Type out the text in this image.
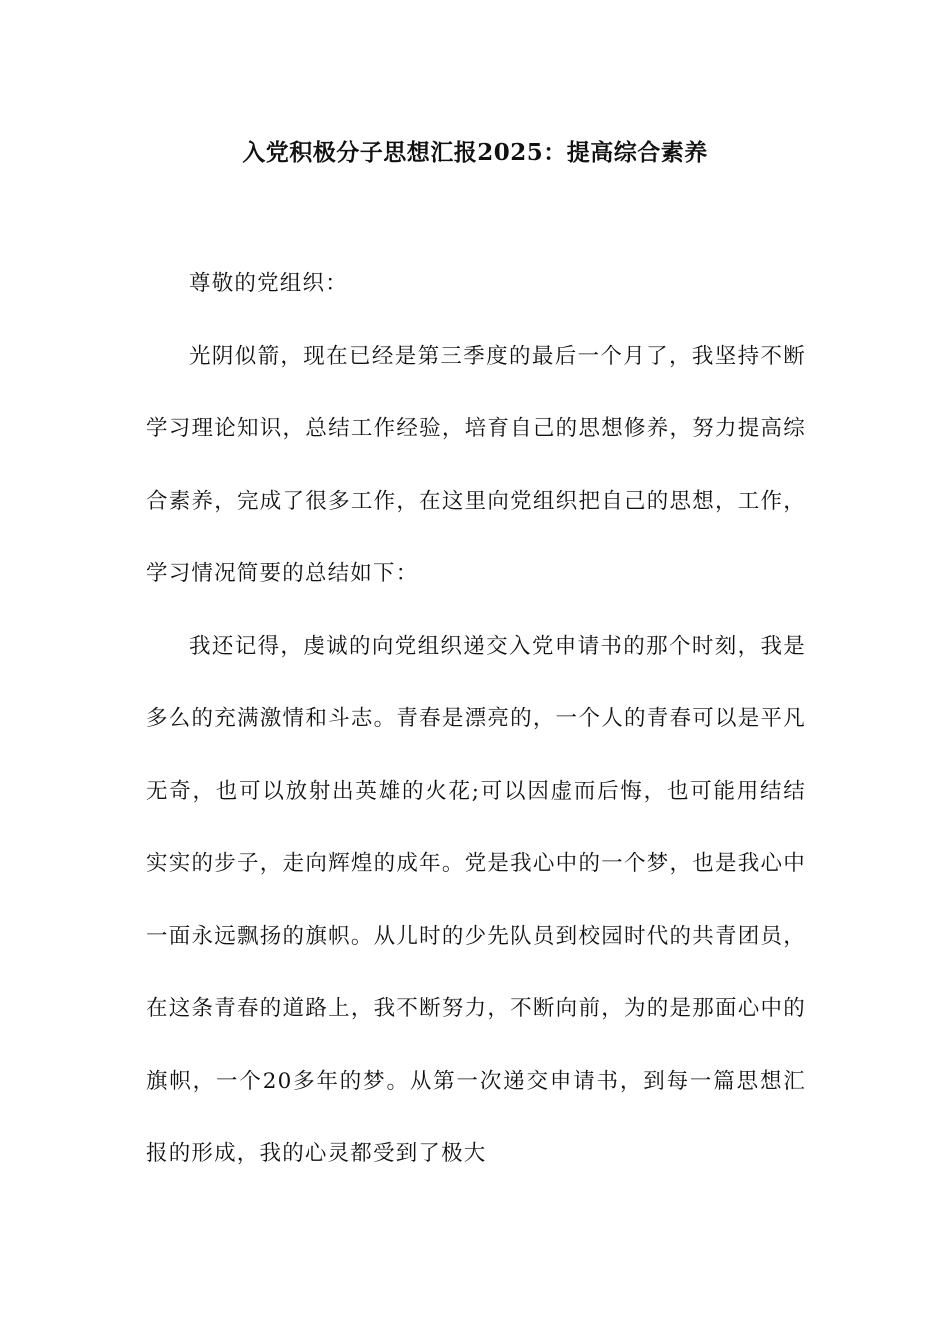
入党积极分子思想汇报2025：提高综合素养

尊敬的党组织：

光阴似箭，现在已经是第三季度的最后一个月了，我坚持不断学习理论知识，总结工作经验，培育自己的思想修养，努力提高综合素养，完成了很多工作，在这里向党组织把自己的思想，工作，学习情况简要的总结如下：

我还记得，虔诚的向党组织递交入党申请书的那个时刻，我是多么的充满激情和斗志。青春是漂亮的，一个人的青春可以是平凡无奇，也可以放射出英雄的火花;可以因虚而后悔，也可能用结结实实的步子，走向辉煌的成年。党是我心中的一个梦，也是我心中一面永远飘扬的旗帜。从儿时的少先队员到校园时代的共青团员，在这条青春的道路上，我不断努力，不断向前，为的是那面心中的旗帜，一个20多年的梦。从第一次递交申请书，到每一篇思想汇报的形成，我的心灵都受到了极大
